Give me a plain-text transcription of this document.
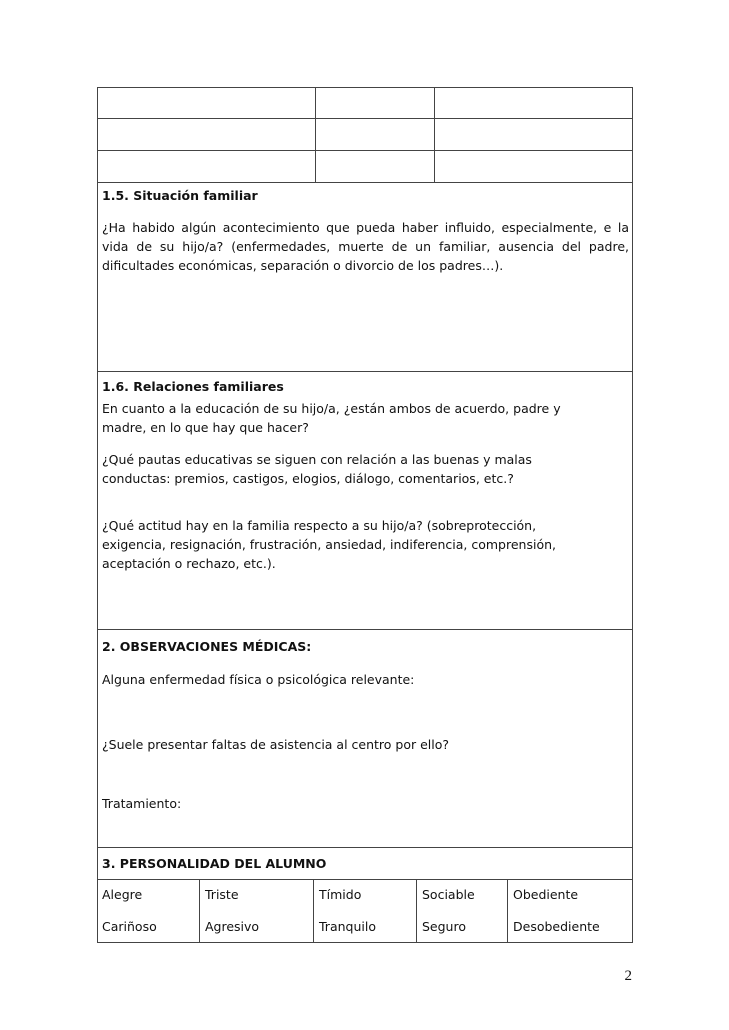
1.5. Situación familiar
¿Ha habido algún acontecimiento que pueda haber influido, especialmente, e la vida de su hijo/a? (enfermedades, muerte de un familiar, ausencia del padre, dificultades económicas, separación o divorcio de los padres…).
1.6. Relaciones familiares
En cuanto a la educación de su hijo/a, ¿están ambos de acuerdo, padre y
madre, en lo que hay que hacer?
¿Qué pautas educativas se siguen con relación a las buenas y malas
conductas: premios, castigos, elogios, diálogo, comentarios, etc.?
¿Qué actitud hay en la familia respecto a su hijo/a? (sobreprotección,
exigencia, resignación, frustración, ansiedad, indiferencia, comprensión,
aceptación o rechazo, etc.).
2. OBSERVACIONES MÉDICAS:
Alguna enfermedad física o psicológica relevante:
¿Suele presentar faltas de asistencia al centro por ello?
Tratamiento:
3. PERSONALIDAD DEL ALUMNO
Alegre
Cariñoso
Triste
Agresivo
Tímido
Tranquilo
Sociable
Seguro
Obediente
Desobediente
2
